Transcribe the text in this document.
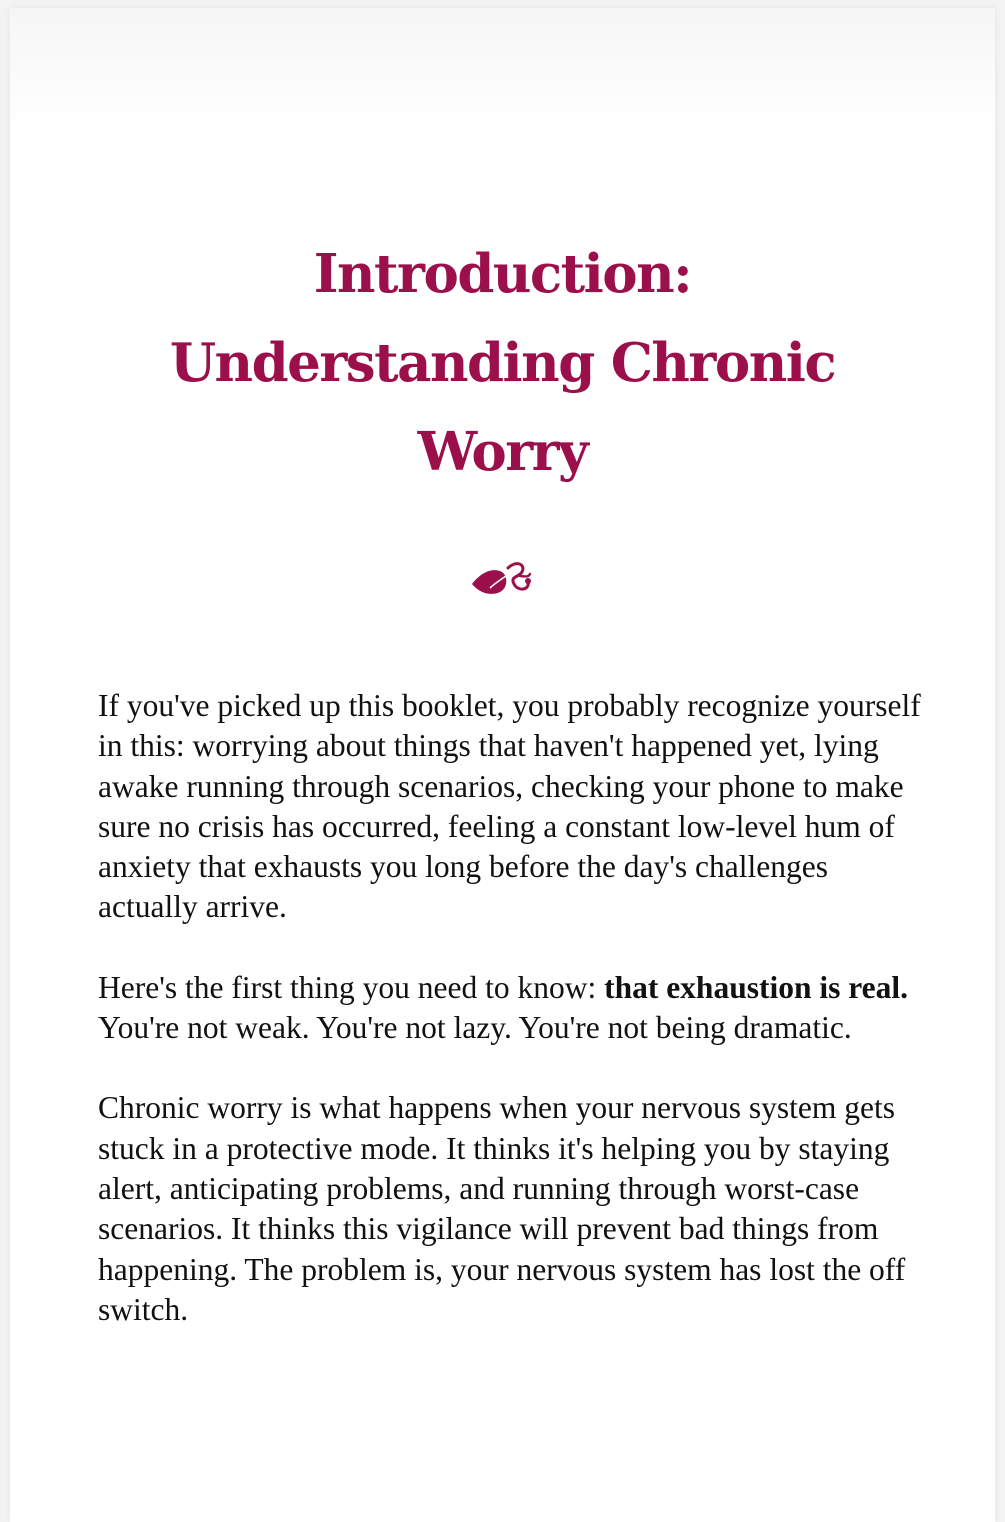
Introduction:
Understanding Chronic
Worry

If you've picked up this booklet, you probably recognize yourself in this: worrying about things that haven't happened yet, lying awake running through scenarios, checking your phone to make sure no crisis has occurred, feeling a constant low-level hum of anxiety that exhausts you long before the day's challenges actually arrive.

Here's the first thing you need to know: that exhaustion is real. You're not weak. You're not lazy. You're not being dramatic.

Chronic worry is what happens when your nervous system gets stuck in a protective mode. It thinks it's helping you by staying alert, anticipating problems, and running through worst-case scenarios. It thinks this vigilance will prevent bad things from happening. The problem is, your nervous system has lost the off switch.
